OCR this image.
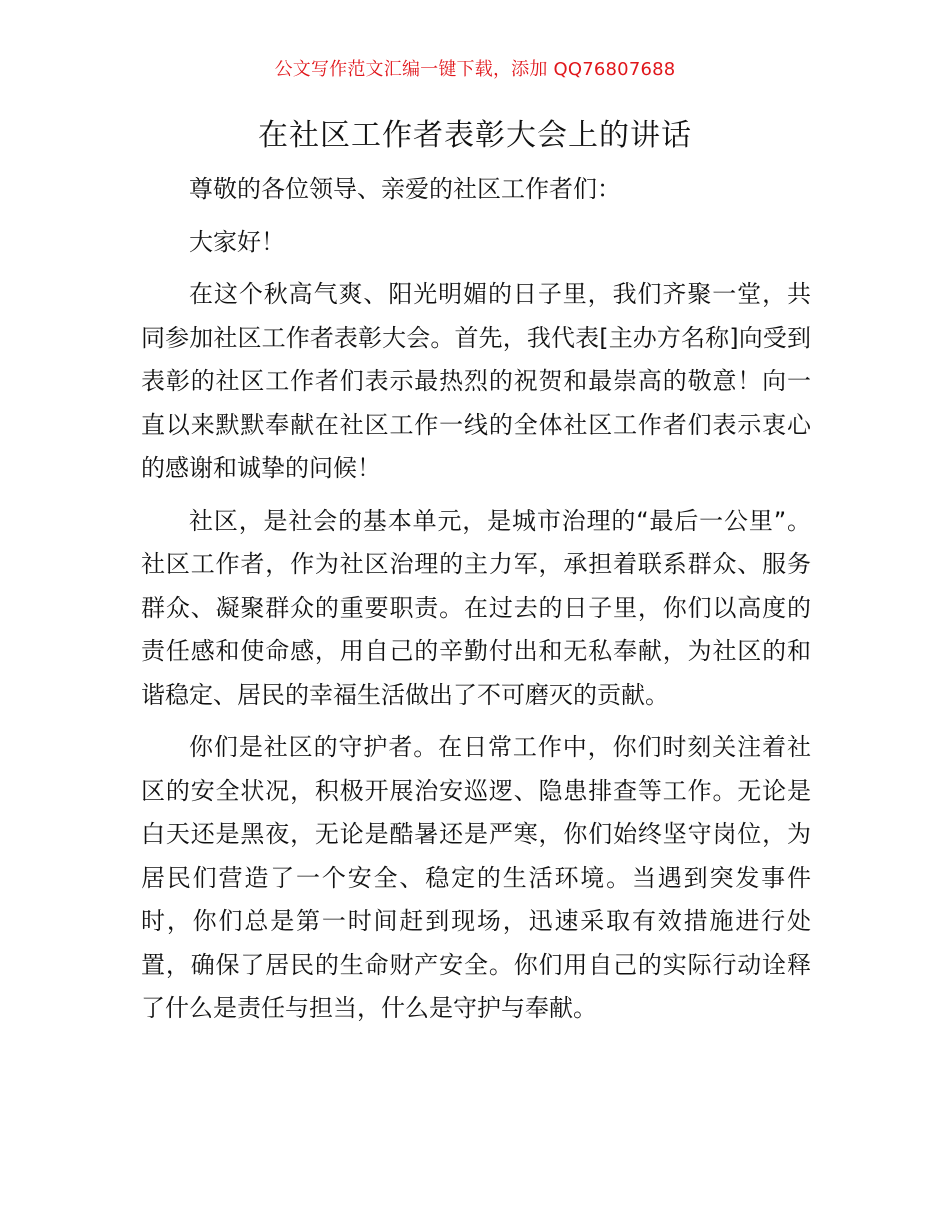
公文写作范文汇编一键下载，添加 QQ76807688
在社区工作者表彰大会上的讲话

尊敬的各位领导、亲爱的社区工作者们：

大家好！

在这个秋高气爽、阳光明媚的日子里，我们齐聚一堂，共同参加社区工作者表彰大会。首先，我代表[主办方名称]向受到表彰的社区工作者们表示最热烈的祝贺和最崇高的敬意！向一直以来默默奉献在社区工作一线的全体社区工作者们表示衷心的感谢和诚挚的问候！

社区，是社会的基本单元，是城市治理的“最后一公里”。社区工作者，作为社区治理的主力军，承担着联系群众、服务群众、凝聚群众的重要职责。在过去的日子里，你们以高度的责任感和使命感，用自己的辛勤付出和无私奉献，为社区的和谐稳定、居民的幸福生活做出了不可磨灭的贡献。

你们是社区的守护者。在日常工作中，你们时刻关注着社区的安全状况，积极开展治安巡逻、隐患排查等工作。无论是白天还是黑夜，无论是酷暑还是严寒，你们始终坚守岗位，为居民们营造了一个安全、稳定的生活环境。当遇到突发事件时，你们总是第一时间赶到现场，迅速采取有效措施进行处置，确保了居民的生命财产安全。你们用自己的实际行动诠释了什么是责任与担当，什么是守护与奉献。
